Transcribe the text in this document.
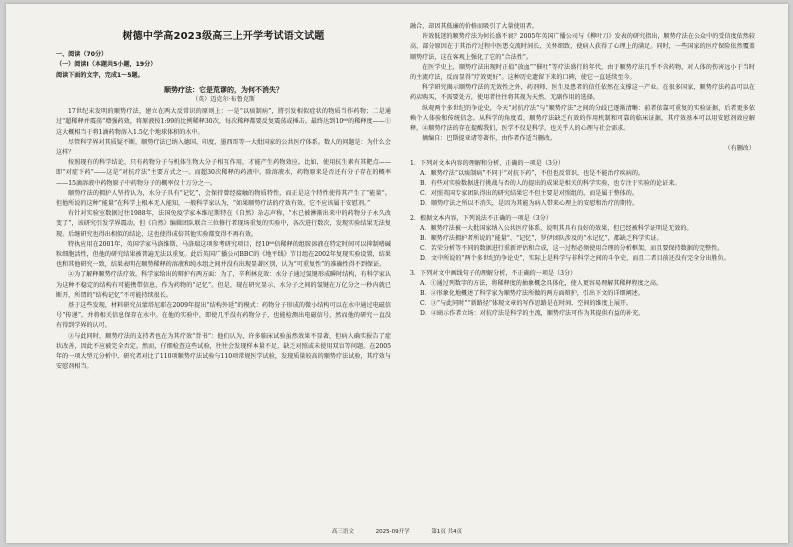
树德中学高2023级高三上开学考试语文试题
一、阅读（70分）
（一）阅读Ⅰ（本题共5小题，19分）
阅读下面的文字，完成1～5题。
顺势疗法：它是荒谬的，为何不消失？
（英）迈克尔·布鲁克斯

17世纪末发明的顺势疗法，建立在两大反常识的原则上：一是“以痰制病”，將引发相似症状的物质当作药物；二是通过“超稀释并震荡”增强药效，将原液按1:99的比例稀释30次，每次稀释都要反复震荡或捶击。最终达到10⁶⁰的稀释度——①这大概相当于将1滴药物溶入1.5亿个地球体积的水中。

尽管科学界对其质疑不断，顺势疗法已纳入德国、印度、墨西哥等一大批国家的公共医疗体系。数人的问题是：为什么会这样？

按照现有的科学结论，只有药物分子与机体生物大分子相互作用，才能产生药物效应。比如，使用抗生素有其靶点——即“对症下药”——这是“对抗疗法”主要方式之一。而超30次稀释的药液中，除溶液水，药物原来是否还有分子存在的概率——15滴溶液中药物原子中药物分子的概率仅十万分之一。

顺势疗法的拥护人坚持认为，水分子具有“记忆”，会保持曾经接触的物质特性，而正是这个特性使得其产生了“能量”。但他所说的这种“能量”在科学上根本无人能知，一般科学家认为，“如果顺势疗法的疗效有效，它不应该属于安慰剂。”

有针对实验室数据过往1988年，法国免疫学家本维尼斯特在《自然》杂志声称，“水已被淋渐出来中的药物分子永久改变了”，该研究引发学界震动。但《自然》编辑团队联合三位修行者现场重复的实验中，各次进行数次，发现实验结果无法复现。后继研究也得出相似的结论，这也使得成倍其他实验都变得不再有效。

特执应用在2001年，英国学家马洛维斯、马洛瑞这项参考研究项目，经10⁶⁰倍稀释的组胺溶液在特定时间可以抑制嗜碱粒细胞活性，但他的研究结果被普遍无法以重复。此后英国广播公司BBC的《地平线》节目组在2002年复现实验设置，结果也和其他研究一致，结果表明在顺势稀释的溶液和纯水组之间并没有出现显著区别，认为“可重复性”的准确性得不到保证。

②为了解释顺势疗法疗效，科学家给出的辩护有两方面：为了，辛利林克效：水分子通过氢键形成瞬时结构，有科学家认为这种不稳定的结构有可能携带信息，作为药物的“记忆”。但是，现在研究显示，水分子之间的氢键在万亿分之一秒内就已断开，所谓的“结构记忆”不可能持续很长。

基于这些发现，材料研究员蒙塔尼耶在2009年提出“结构外延”的模式：药物分子形成的微小结构可以在水中通过电磁信号“传递”，并将相关信息保存在水中。在他的实验中，即使几乎没有药物分子，也能检测出电磁信号，然而他的研究一直没有得到学界的认可。

③与此同时，顺势疗法的支持者也在为其疗效“背书”：他们认为，许多临床试验虽然效果不显著，但病人确实报告了症状改善，因此不应被完全否定。然而，仔细检查这些试验，往往会发现样本量不足、缺乏对照或未使用双盲等问题。在2005年的一项大型元分析中，研究者对比了110项顺势疗法试验与110项常规医学试验，发现质量较高的顺势疗法试验，其疗效与安慰剂相当。

融合，却因其低廉的价格而吸引了大量使用者。

许效低迷的顺势疗法为何长盛不衰？2005年英国广播公司与《柳叶刀》发表的研究指出，顺势疗法在公众中的受信度依然较高，部分原因在于其治疗过程中医患交流时间长、关怀细致，使病人获得了心理上的满足。同时，一些国家的医疗保险依然覆盖顺势疗法，这在客观上强化了它的“合法性”。

在医学史上，顺势疗法出现时正值“放血”“催吐”等疗法盛行的年代，由于顺势疗法几乎不含药物，对人体的伤害远小于当时的主流疗法，反而显得“疗效更好”。这种历史遗留下来的口碑，使它一直延续至今。

科学研究揭示顺势疗法的无效性之外，药剂师、医生及患者的信任依然在支撑这一产业。在很多国家，顺势疗法药品可以在药店购买，不需要处方，使用者往往将其视为天然、无副作用的选择。

纵观两个多世纪的争论史，今天“对抗疗法”与“顺势疗法”之间的分歧已逐渐清晰：前者依靠可重复的实验证据，后者更多依赖个人体验和传统信念。从科学的角度看，顺势疗法缺乏有效的作用机制和可靠的临床证据，其疗效基本可以用安慰剂效应解释。④顺势疗法的存在提醒我们，医学不仅是科学，也关乎人的心理与社会需求。

摘编自：巴斯提亚诸等著作，由作者作适当删改。

（有删改）

1．下列对文本内容的理解和分析，正确的一项是（3分）

A．顺势疗法“以痰制病”不同于“对抗下药”，不但也反常识，也是不能治疗疾病的。

B．有些对实验数据进行挑战与否的人的提出的成果是相关的科学实验，也专注于实验的论证来。

C．对照英国专家团队得出的研究结果它不但主要是对照组的，而是属于整体的。

D．顺势疗法之所以不消失，是因为其能为病人带来心理上的安慰和治疗的期待。

2．根据文本内容，下列说法不正确的一项是（3分）

A．顺势疗法被一大批国家纳入公共医疗体系，说明其具有良好的效果，但已经被科学证明是无效的。

B．顺势疗法拥护者所说的“能量”、“记忆”，罗伊团队涉及的“水记忆”，都缺乏科学实证。

C．苦荣分析等不同的数据进行重新评估和合成，这一过程必须使用合理的分析框架，而且要保持数据的完整性。

D．文中所说的“两个多世纪的争论史”，实际上是科学与非科学之间的斗争史，而且二者目前还没有完全分出胜负。

3．下列对文中画线句子的理解分析，不正确的一项是（3分）

A．①通过列数字的方法，将稀释度的抽象概念具体化，使人更容易理解其稀释程度之高。

B．②形象化地概述了科学家为顺势疗法所做的两方面辩护，引出下文的详细阐述。

C．③“与此同时”“新路径”体现文章的写作思路是在时间、空间的维度上展开。

D．④暗示作者立场：对抗疗法是科学的主流，顺势疗法可作为其提供有益的补充。

高三语文	2025-09开学	第1页 共4页
